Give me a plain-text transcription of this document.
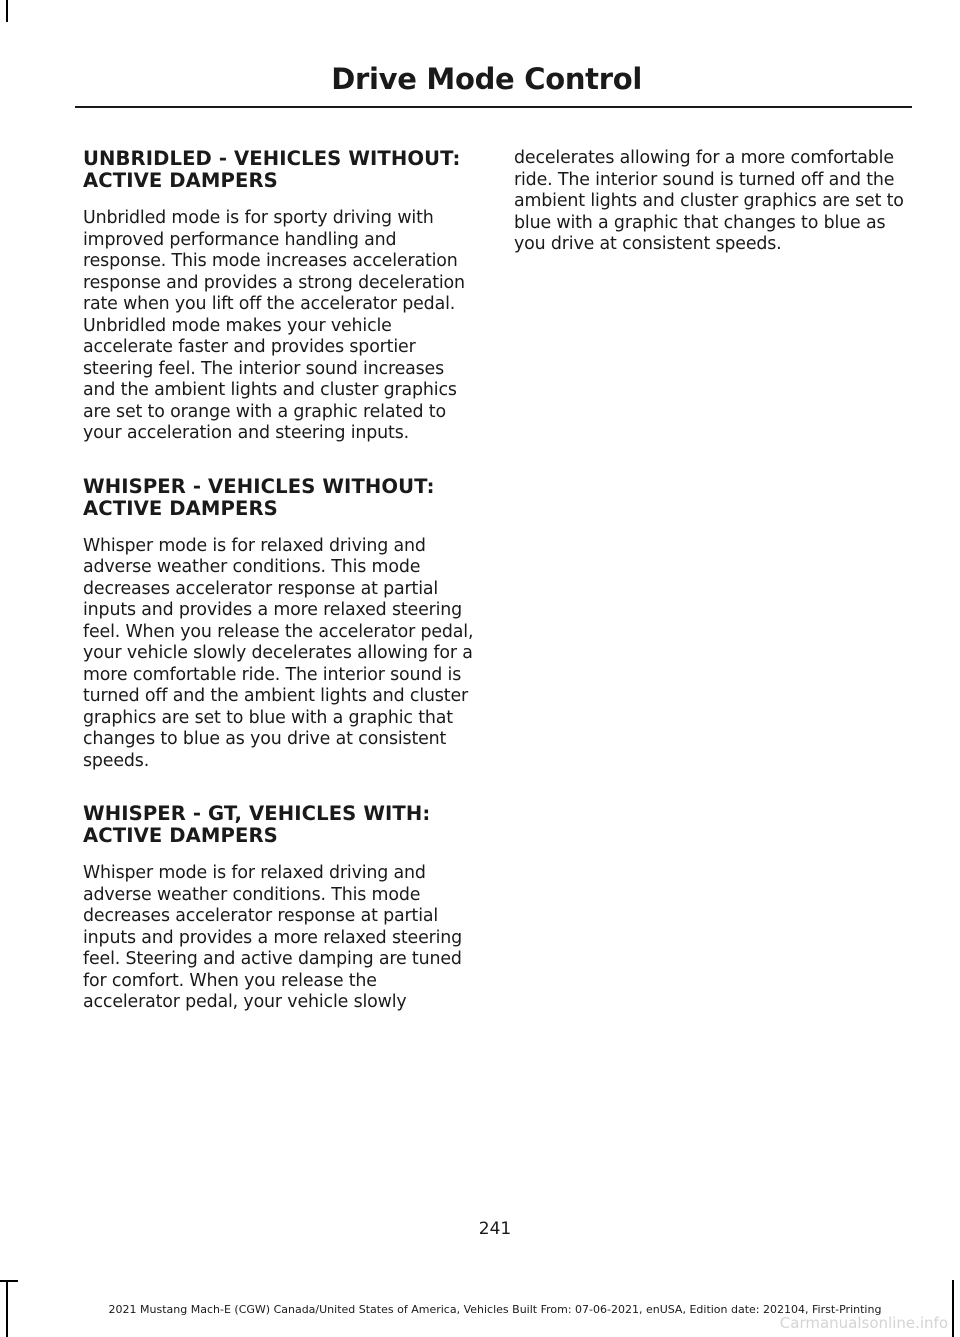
Drive Mode Control
UNBRIDLED - VEHICLES WITHOUT: ACTIVE DAMPERS

Unbridled mode is for sporty driving with improved performance handling and response. This mode increases acceleration response and provides a strong deceleration rate when you lift off the accelerator pedal. Unbridled mode makes your vehicle accelerate faster and provides sportier steering feel. The interior sound increases and the ambient lights and cluster graphics are set to orange with a graphic related to your acceleration and steering inputs.

WHISPER - VEHICLES WITHOUT: ACTIVE DAMPERS

Whisper mode is for relaxed driving and adverse weather conditions. This mode decreases accelerator response at partial inputs and provides a more relaxed steering feel. When you release the accelerator pedal, your vehicle slowly decelerates allowing for a more comfortable ride. The interior sound is turned off and the ambient lights and cluster graphics are set to blue with a graphic that changes to blue as you drive at consistent speeds.

WHISPER - GT, VEHICLES WITH: ACTIVE DAMPERS

Whisper mode is for relaxed driving and adverse weather conditions. This mode decreases accelerator response at partial inputs and provides a more relaxed steering feel. Steering and active damping are tuned for comfort. When you release the accelerator pedal, your vehicle slowly

decelerates allowing for a more comfortable ride. The interior sound is turned off and the ambient lights and cluster graphics are set to blue with a graphic that changes to blue as you drive at consistent speeds.

241
2021 Mustang Mach-E (CGW) Canada/United States of America, Vehicles Built From: 07-06-2021, enUSA, Edition date: 202104, First-Printing
Carmanualsonline.info
